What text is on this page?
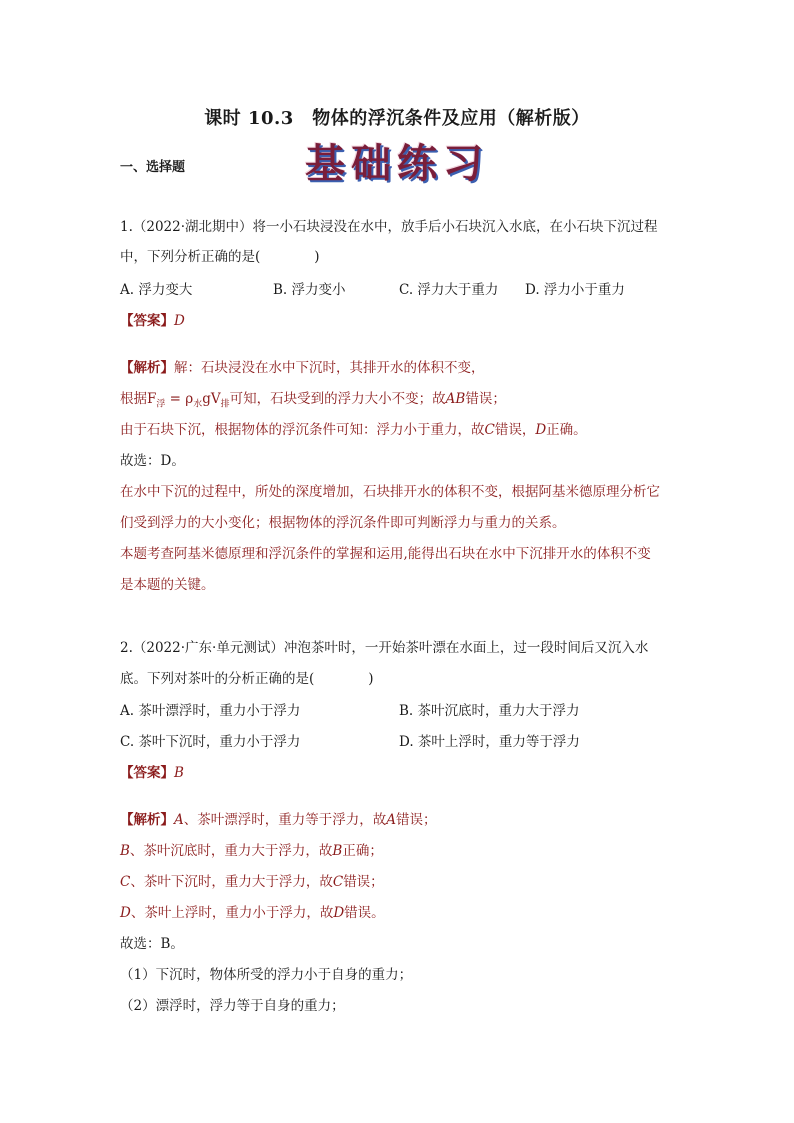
课时 10.3　物体的浮沉条件及应用（解析版）
基础练习
一、选择题
1.（2022·湖北期中）将一小石块浸没在水中，放手后小石块沉入水底，在小石块下沉过程
中，下列分析正确的是(　　　　)
A. 浮力变大	B. 浮力变小	C. 浮力大于重力 D. 浮力小于重力
【答案】D
【解析】解：石块浸没在水中下沉时，其排开水的体积不变，
根据$F_浮 = \rho_水gV_排$可知，石块受到的浮力大小不变；故AB错误；
由于石块下沉，根据物体的浮沉条件可知：浮力小于重力，故C错误，D正确。
故选：D。
在水中下沉的过程中，所处的深度增加，石块排开水的体积不变，根据阿基米德原理分析它
们受到浮力的大小变化；根据物体的浮沉条件即可判断浮力与重力的关系。
本题考查阿基米德原理和浮沉条件的掌握和运用,能得出石块在水中下沉排开水的体积不变
是本题的关键。
2.（2022·广东·单元测试）冲泡茶叶时，一开始茶叶漂在水面上，过一段时间后又沉入水
底。下列对茶叶的分析正确的是(　　　　)
A. 茶叶漂浮时，重力小于浮力	B. 茶叶沉底时，重力大于浮力
C. 茶叶下沉时，重力小于浮力	D. 茶叶上浮时，重力等于浮力
【答案】B
【解析】A、茶叶漂浮时，重力等于浮力，故A错误；
B、茶叶沉底时，重力大于浮力，故B正确；
C、茶叶下沉时，重力大于浮力，故C错误；
D、茶叶上浮时，重力小于浮力，故D错误。
故选：B。
（1）下沉时，物体所受的浮力小于自身的重力；
（2）漂浮时，浮力等于自身的重力；
